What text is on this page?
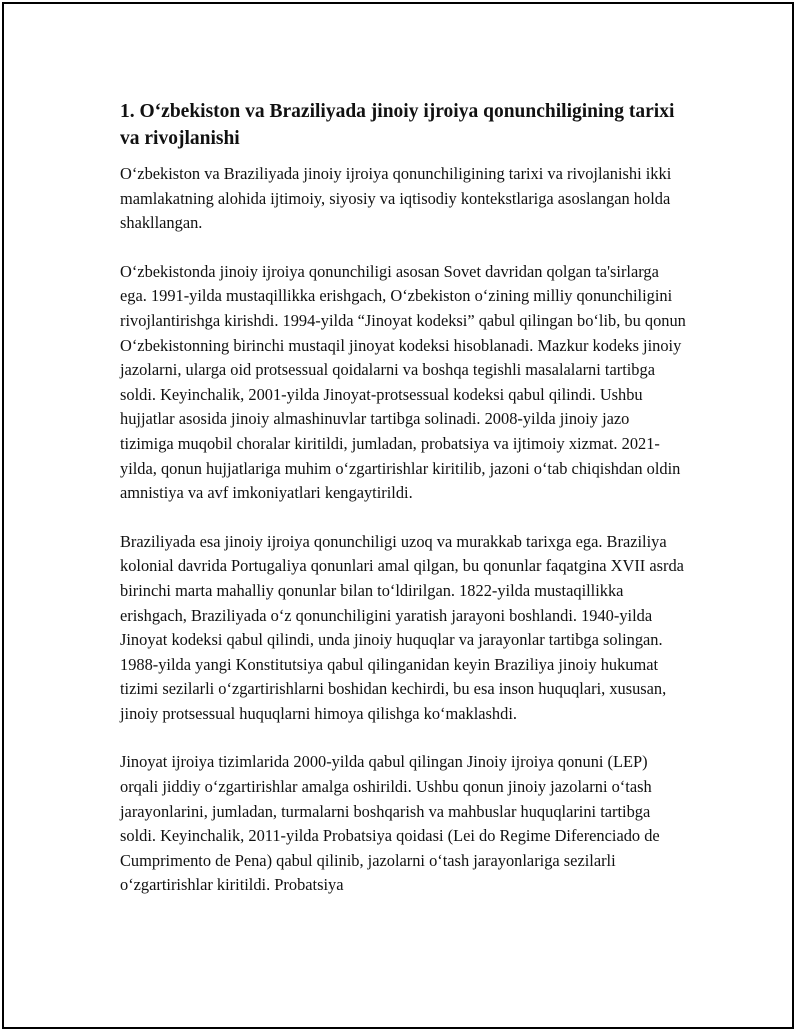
1. O‘zbekiston va Braziliyada jinoiy ijroiya qonunchiligining tarixi va rivojlanishi

O‘zbekiston va Braziliyada jinoiy ijroiya qonunchiligining tarixi va rivojlanishi ikki mamlakatning alohida ijtimoiy, siyosiy va iqtisodiy kontekstlariga asoslangan holda shakllangan.

O‘zbekistonda jinoiy ijroiya qonunchiligi asosan Sovet davridan qolgan ta'sirlarga ega. 1991-yilda mustaqillikka erishgach, O‘zbekiston o‘zining milliy qonunchiligini rivojlantirishga kirishdi. 1994-yilda “Jinoyat kodeksi” qabul qilingan bo‘lib, bu qonun O‘zbekistonning birinchi mustaqil jinoyat kodeksi hisoblanadi. Mazkur kodeks jinoiy jazolarni, ularga oid protsessual qoidalarni va boshqa tegishli masalalarni tartibga soldi. Keyinchalik, 2001-yilda Jinoyat-protsessual kodeksi qabul qilindi. Ushbu hujjatlar asosida jinoiy almashinuvlar tartibga solinadi. 2008-yilda jinoiy jazo tizimiga muqobil choralar kiritildi, jumladan, probatsiya va ijtimoiy xizmat. 2021-yilda, qonun hujjatlariga muhim o‘zgartirishlar kiritilib, jazoni o‘tab chiqishdan oldin amnistiya va avf imkoniyatlari kengaytirildi.

Braziliyada esa jinoiy ijroiya qonunchiligi uzoq va murakkab tarixga ega. Braziliya kolonial davrida Portugaliya qonunlari amal qilgan, bu qonunlar faqatgina XVII asrda birinchi marta mahalliy qonunlar bilan to‘ldirilgan. 1822-yilda mustaqillikka erishgach, Braziliyada o‘z qonunchiligini yaratish jarayoni boshlandi. 1940-yilda Jinoyat kodeksi qabul qilindi, unda jinoiy huquqlar va jarayonlar tartibga solingan. 1988-yilda yangi Konstitutsiya qabul qilinganidan keyin Braziliya jinoiy hukumat tizimi sezilarli o‘zgartirishlarni boshidan kechirdi, bu esa inson huquqlari, xususan, jinoiy protsessual huquqlarni himoya qilishga ko‘maklashdi.

Jinoyat ijroiya tizimlarida 2000-yilda qabul qilingan Jinoiy ijroiya qonuni (LEP) orqali jiddiy o‘zgartirishlar amalga oshirildi. Ushbu qonun jinoiy jazolarni o‘tash jarayonlarini, jumladan, turmalarni boshqarish va mahbuslar huquqlarini tartibga soldi. Keyinchalik, 2011-yilda Probatsiya qoidasi (Lei do Regime Diferenciado de Cumprimento de Pena) qabul qilinib, jazolarni o‘tash jarayonlariga sezilarli o‘zgartirishlar kiritildi. Probatsiya
